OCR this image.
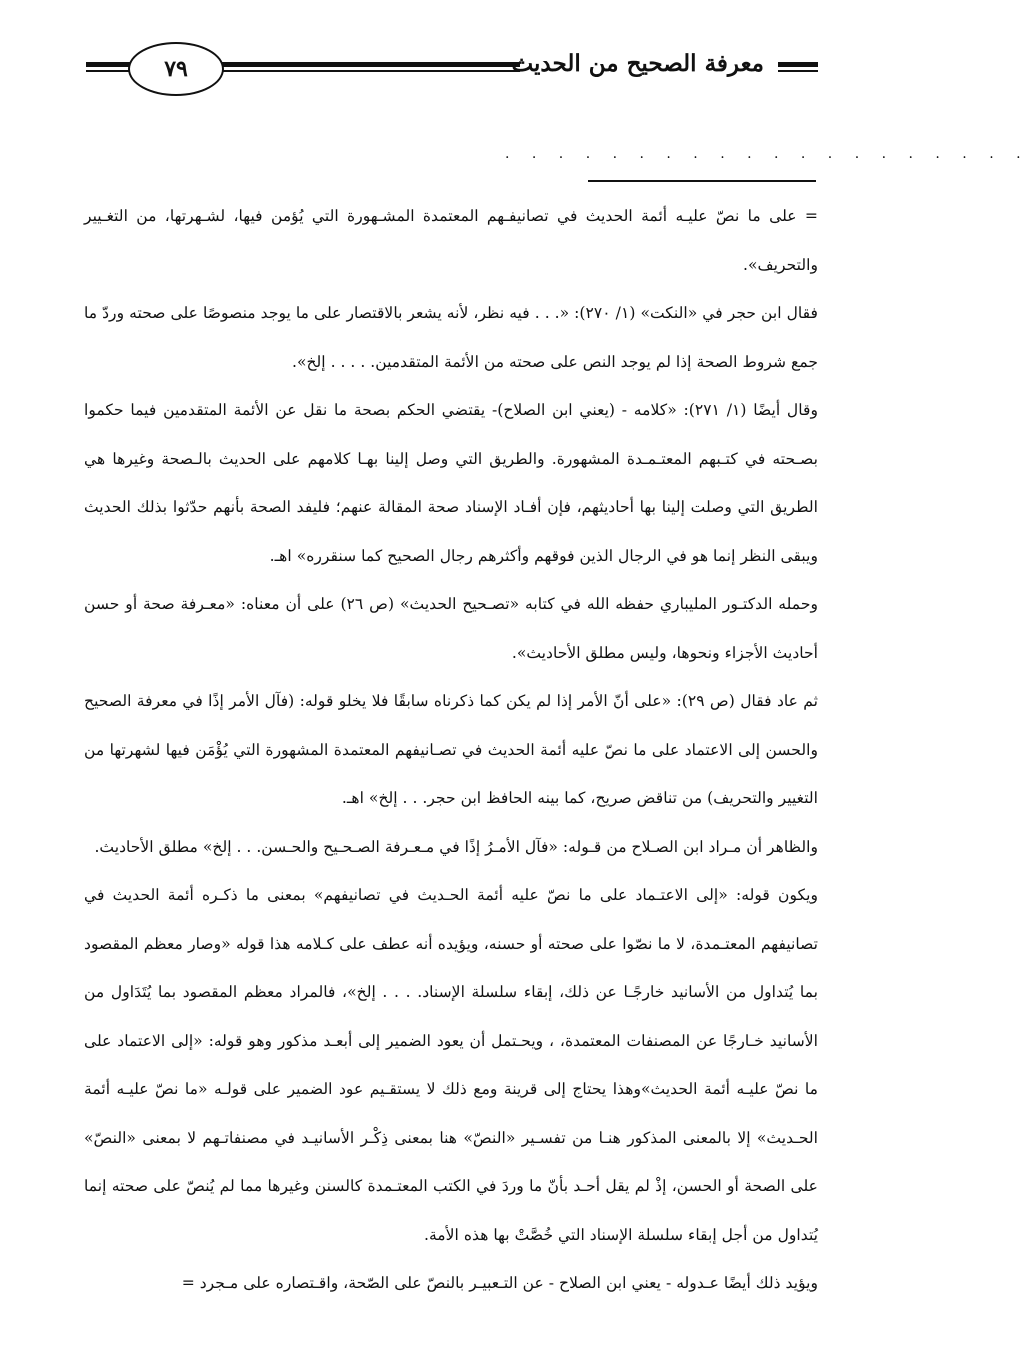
٧٩	معرفة الصحيح من الحديث
. . . . . . . . . . . . . . . . . . . .

= على ما نصّ عليـه أئمة الحديث في تصانيفـهم المعتمدة المشـهورة التي يُؤمن فيها، لشـهرتها، من التغـيير والتحريف».

فقال ابن حجر في «النكت» (١/ ٢٧٠): «. . . فيه نظر، لأنه يشعر بالاقتصار على ما يوجد منصوصًا على صحته وردّ ما جمع شروط الصحة إذا لم يوجد النص على صحته من الأئمة المتقدمين. . . . . إلخ».

وقال أيضًا (١/ ٢٧١): «كلامه - (يعني ابن الصلاح)- يقتضي الحكم بصحة ما نقل عن الأئمة المتقدمين فيما حكموا بصـحته في كتـبهم المعتـمـدة المشهورة. والطريق التي وصل إلينا بهـا كلامهم على الحديث بالـصحة وغيرها هي الطريق التي وصلت إلينا بها أحاديثهم، فإن أفـاد الإسناد صحة المقالة عنهم؛ فليفد الصحة بأنهم حدّثوا بذلك الحديث ويبقى النظر إنما هو في الرجال الذين فوقهم وأكثرهم رجال الصحيح كما سنقرره» اهـ.

وحمله الدكتـور المليباري حفظه الله في كتابه «تصـحيح الحديث» (ص ٢٦) على أن معناه: «معـرفة صحة أو حسن أحاديث الأجزاء ونحوها، وليس مطلق الأحاديث».

ثم عاد فقال (ص ٢٩): «على أنّ الأمر إذا لم يكن كما ذكرناه سابقًا فلا يخلو قوله: (فآل الأمر إذًا في معرفة الصحيح والحسن إلى الاعتماد على ما نصّ عليه أئمة الحديث في تصـانيفهم المعتمدة المشهورة التي يُؤْمَن فيها لشهرتها من التغيير والتحريف) من تناقض صريح، كما بينه الحافظ ابن حجر. . . إلخ» اهـ.

والظاهر أن مـراد ابن الصـلاح من قـوله: «فآل الأمـرُ إذًا في مـعـرفة الصـحـيح والحـسن. . . إلخ» مطلق الأحاديث.

ويكون قوله: «إلى الاعتـماد على ما نصّ عليه أئمة الحـديث في تصانيفهم» بمعنى ما ذكـره أئمة الحديث في تصانيفهم المعتـمدة، لا ما نصّوا على صحته أو حسنه، ويؤيده أنه عطف على كـلامه هذا قوله «وصار معظم المقصود بما يُتداول من الأسانيد خارجًـا عن ذلك، إبقاء سلسلة الإسناد. . . . إلخ»، فالمراد معظم المقصود بما يُتَدَاول من الأسانيد خـارجًا عن المصنفات المعتمدة، ، ويحـتمل أن يعود الضمير إلى أبعـد مذكور وهو قوله: «إلى الاعتماد على ما نصّ عليـه أئمة الحديث»وهذا يحتاج إلى قرينة ومع ذلك لا يستقـيم عود الضمير على قولـه «ما نصّ عليـه أئمة الحـديث» إلا بالمعنى المذكور هنـا من تفسـير «النصّ» هنا بمعنى ذِكْـر الأسانيـد في مصنفاتـهم لا بمعنى «النصّ» على الصحة أو الحسن، إذْ لم يقل أحـد بأنّ ما وردَ في الكتب المعتـمدة كالسنن وغيرها مما لم يُنصّ على صحته إنما يُتداول من أجل إبقاء سلسلة الإسناد التي خُصَّتْ بها هذه الأمة.

ويؤيد ذلك أيضًا عـدوله - يعني ابن الصلاح - عن التـعبيـر بالنصّ على الصّحة، واقـتصاره على مـجرد =
